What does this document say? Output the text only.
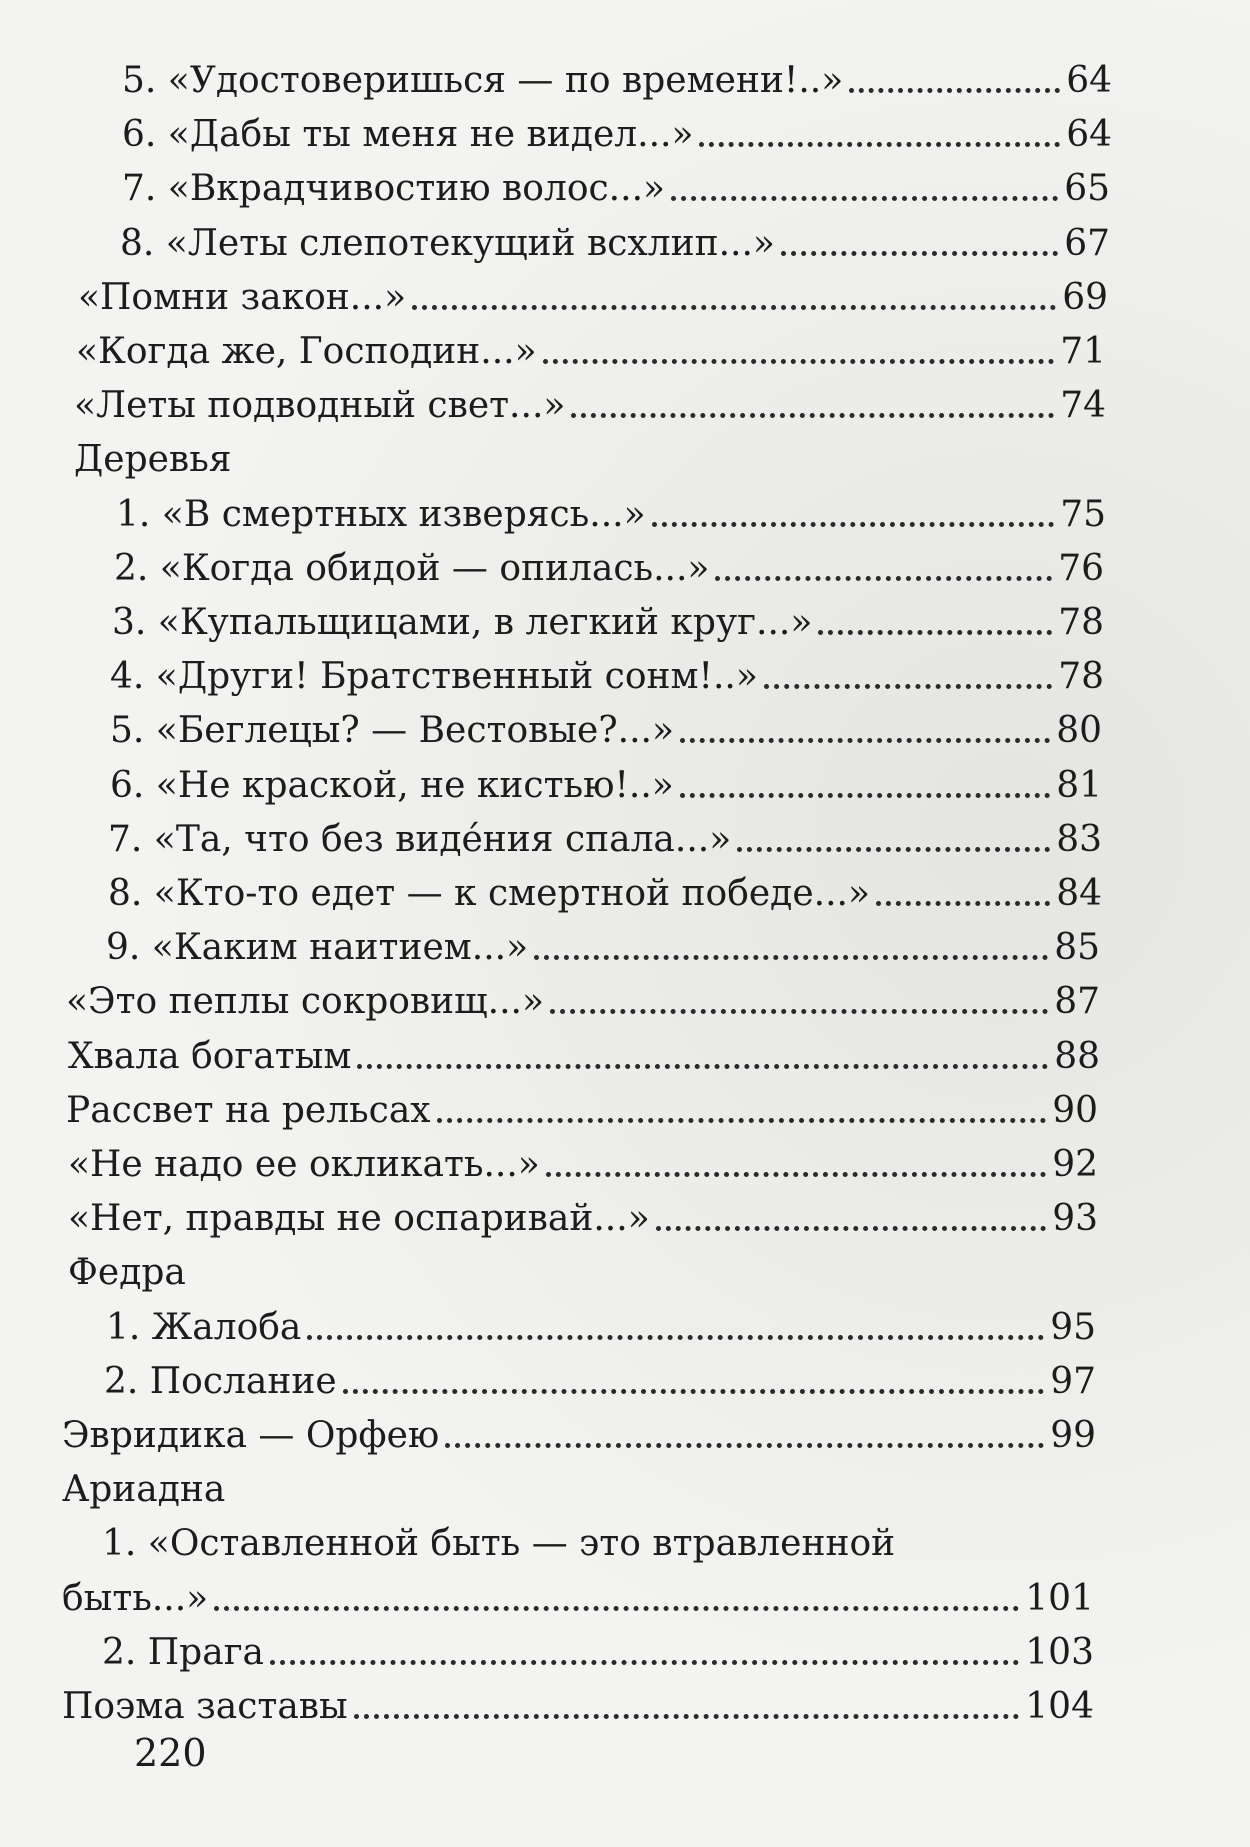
5. «Удостоверишься — по времени!..»	64
6. «Дабы ты меня не видел...»	64
7. «Вкрадчивостию волос...»	65
8. «Леты слепотекущий всхлип...»	67
«Помни закон...»	69
«Когда же, Господин...»	71
«Леты подводный свет...»	74
Деревья
1. «В смертных изверясь...»	75
2. «Когда обидой — опилась...»	76
3. «Купальщицами, в легкий круг...»	78
4. «Други! Братственный сонм!..»	78
5. «Беглецы? — Вестовые?...»	80
6. «Не краской, не кистью!..»	81
7. «Та, что без виде́ния спала...»	83
8. «Кто-то едет — к смертной победе...»	84
9. «Каким наитием...»	85
«Это пеплы сокровищ...»	87
Хвала богатым	88
Рассвет на рельсах	90
«Не надо ее окликать...»	92
«Нет, правды не оспаривай...»	93
Федра
1. Жалоба	95
2. Послание	97
Эвридика — Орфею	99
Ариадна
1. «Оставленной быть — это втравленной
быть...»	101
2. Прага	103
Поэма заставы	104
220
